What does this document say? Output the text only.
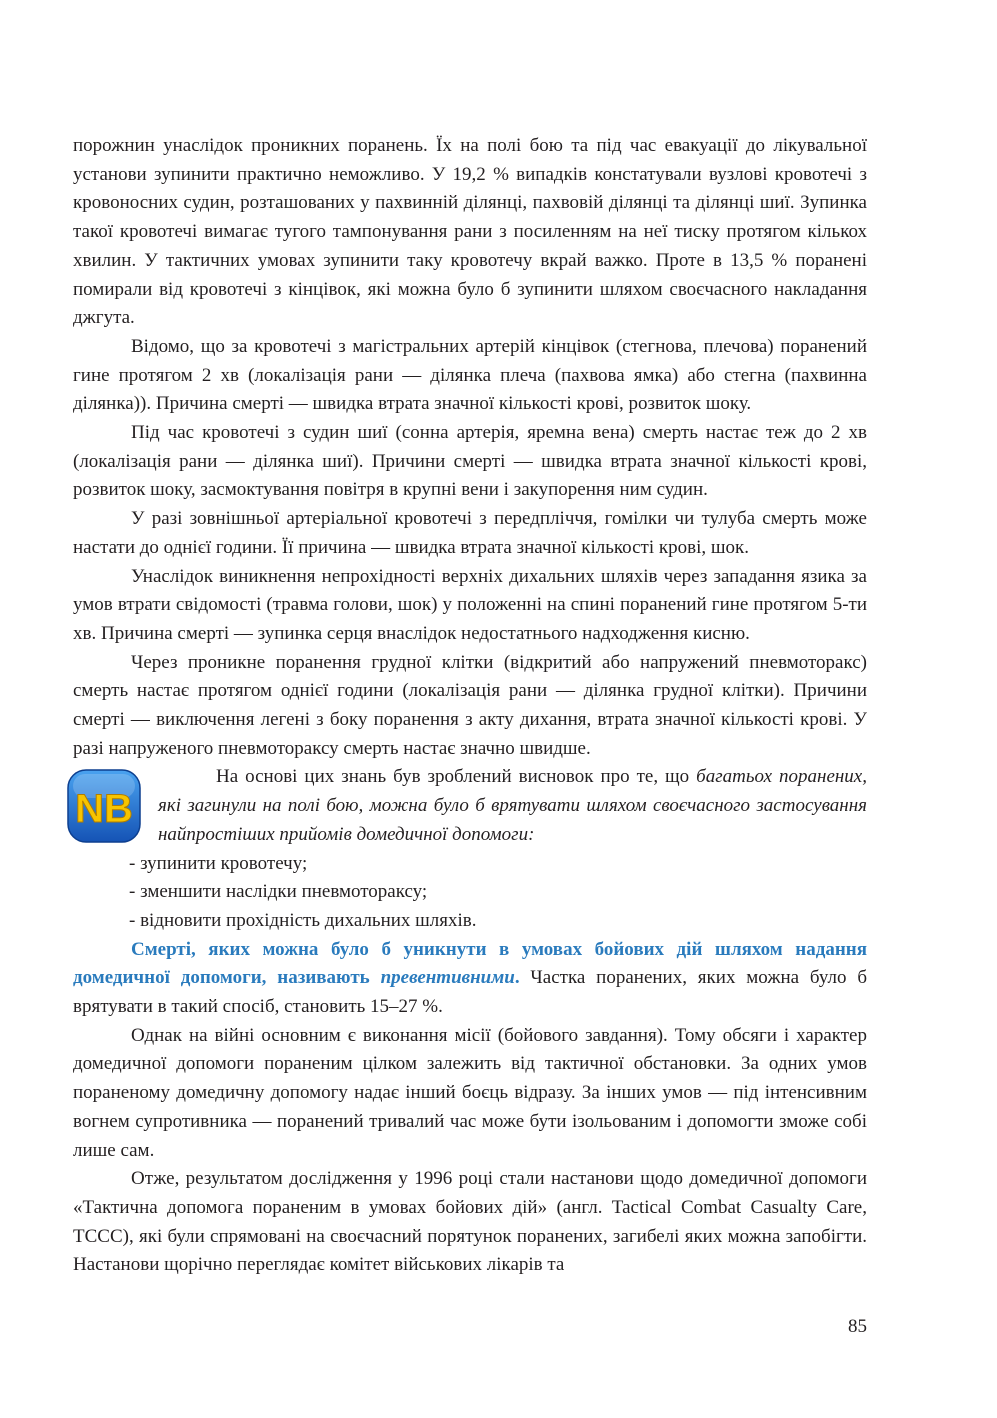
порожнин унаслідок проникних поранень. Їх на полі бою та під час евакуації до лікувальної установи зупинити практично неможливо. У 19,2 % випадків констатували вузлові кровотечі з кровоносних судин, розташованих у пахвинній ділянці, пахвовій ділянці та ділянці шиї. Зупинка такої кровотечі вимагає тугого тампонування рани з посиленням на неї тиску протягом кількох хвилин. У тактичних умовах зупинити таку кровотечу вкрай важко. Проте в 13,5 % поранені помирали від кровотечі з кінцівок, які можна було б зупинити шляхом своєчасного накладання джгута.

Відомо, що за кровотечі з магістральних артерій кінцівок (стегнова, плечова) поранений гине протягом 2 хв (локалізація рани — ділянка плеча (пахвова ямка) або стегна (пахвинна ділянка)). Причина смерті — швидка втрата значної кількості крові, розвиток шоку.

Під час кровотечі з судин шиї (сонна артерія, яремна вена) смерть настає теж до 2 хв (локалізація рани — ділянка шиї). Причини смерті — швидка втрата значної кількості крові, розвиток шоку, засмоктування повітря в крупні вени і закупорення ним судин.

У разі зовнішньої артеріальної кровотечі з передпліччя, гомілки чи тулуба смерть може настати до однієї години. Її причина — швидка втрата значної кількості крові, шок.

Унаслідок виникнення непрохідності верхніх дихальних шляхів через западання язика за умов втрати свідомості (травма голови, шок) у положенні на спині поранений гине протягом 5-ти хв. Причина смерті — зупинка серця внаслідок недостатнього надходження кисню.

Через проникне поранення грудної клітки (відкритий або напружений пневмоторакс) смерть настає протягом однієї години (локалізація рани — ділянка грудної клітки). Причини смерті — виключення легені з боку поранення з акту дихання, втрата значної кількості крові. У разі напруженого пневмотораксу смерть настає значно швидше.

NB

На основі цих знань був зроблений висновок про те, що багатьох поранених, які загинули на полі бою, можна було б врятувати шляхом своєчасного застосування найпростіших прийомів домедичної допомоги:

- зупинити кровотечу;
- зменшити наслідки пневмотораксу;
- відновити прохідність дихальних шляхів.

Смерті, яких можна було б уникнути в умовах бойових дій шляхом надання домедичної допомоги, називають превентивними. Частка поранених, яких можна було б врятувати в такий спосіб, становить 15–27 %.

Однак на війні основним є виконання місії (бойового завдання). Тому обсяги і характер домедичної допомоги пораненим цілком залежить від тактичної обстановки. За одних умов пораненому домедичну допомогу надає інший боєць відразу. За інших умов — під інтенсивним вогнем супротивника — поранений тривалий час може бути ізольованим і допомогти зможе собі лише сам.

Отже, результатом дослідження у 1996 році стали настанови щодо домедичної допомоги «Тактична допомога пораненим в умовах бойових дій» (англ. Tactical Combat Casualty Care, TCCC), які були спрямовані на своєчасний порятунок поранених, загибелі яких можна запобігти. Настанови щорічно переглядає комітет військових лікарів та

85
